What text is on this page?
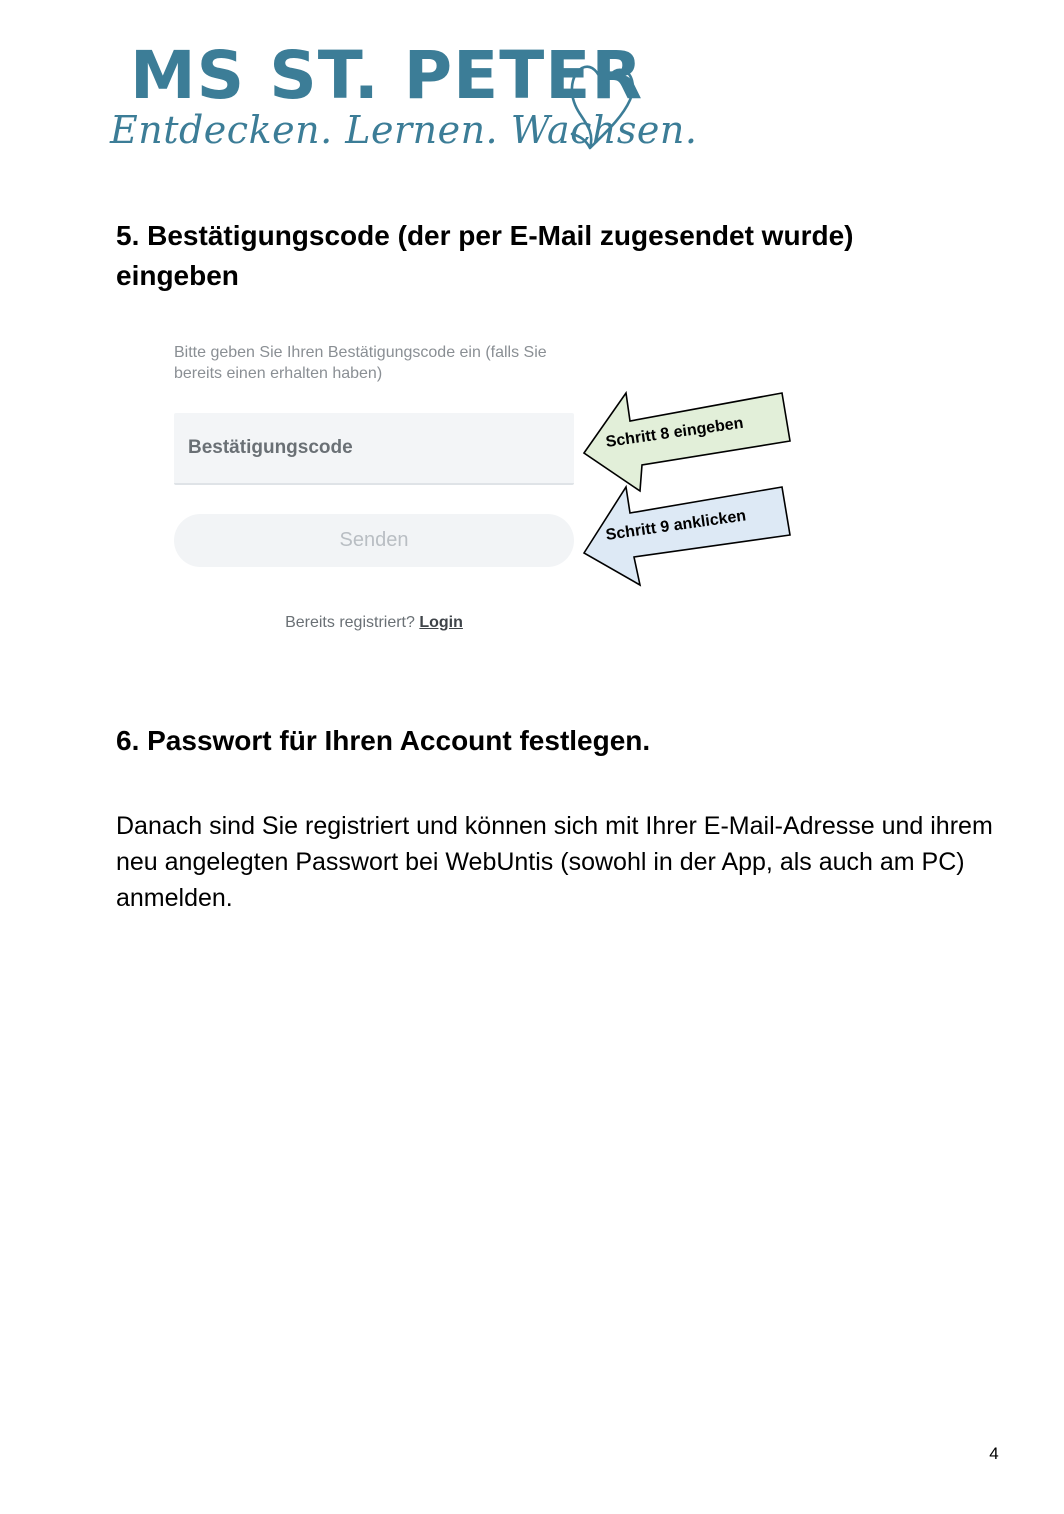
MS ST. PETER
Entdecken. Lernen. Wachsen.
5. Bestätigungscode (der per E-Mail zugesendet wurde) eingeben
Bitte geben Sie Ihren Bestätigungscode ein (falls Sie bereits einen erhalten haben)
Bestätigungscode
Senden
Bereits registriert? Login
Schritt 8 eingeben
Schritt 9 anklicken
6. Passwort für Ihren Account festlegen.

Danach sind Sie registriert und können sich mit Ihrer E-Mail-Adresse und ihrem neu angelegten Passwort bei WebUntis (sowohl in der App, als auch am PC) anmelden.

4
